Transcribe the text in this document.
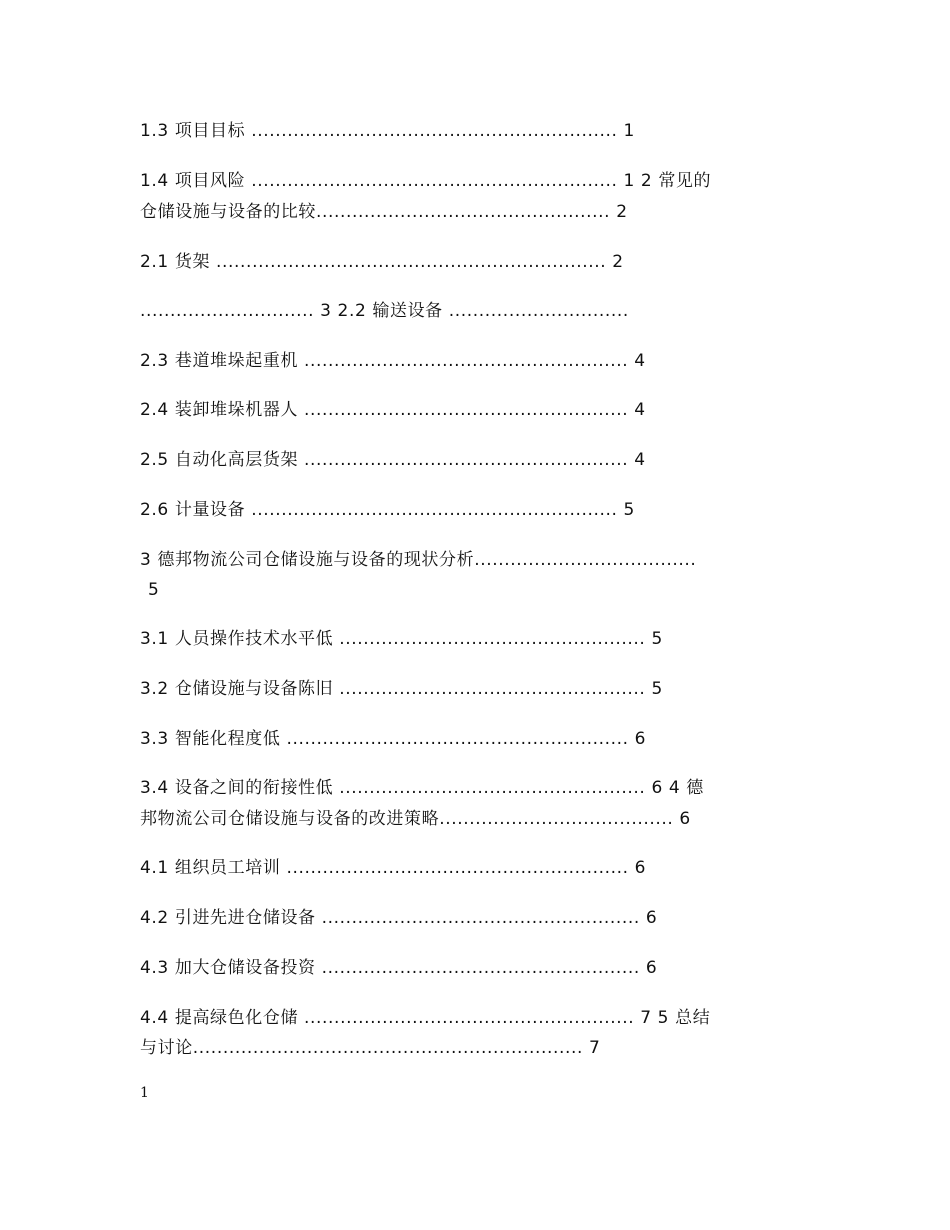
1.3 项目目标 ............................................................. 1
1.4 项目风险 ............................................................. 1 2 常见的
仓储设施与设备的比较................................................. 2
2.1 货架 ................................................................. 2
............................. 3 2.2 输送设备 ..............................
2.3 巷道堆垛起重机 ...................................................... 4
2.4 装卸堆垛机器人 ...................................................... 4
2.5 自动化高层货架 ...................................................... 4
2.6 计量设备 ............................................................. 5
3 德邦物流公司仓储设施与设备的现状分析.....................................
5
3.1 人员操作技术水平低 ................................................... 5
3.2 仓储设施与设备陈旧 ................................................... 5
3.3 智能化程度低 ......................................................... 6
3.4 设备之间的衔接性低 ................................................... 6 4 德
邦物流公司仓储设施与设备的改进策略....................................... 6
4.1 组织员工培训 ......................................................... 6
4.2 引进先进仓储设备 ..................................................... 6
4.3 加大仓储设备投资 ..................................................... 6
4.4 提高绿色化仓储 ....................................................... 7 5 总结
与讨论................................................................. 7
1
